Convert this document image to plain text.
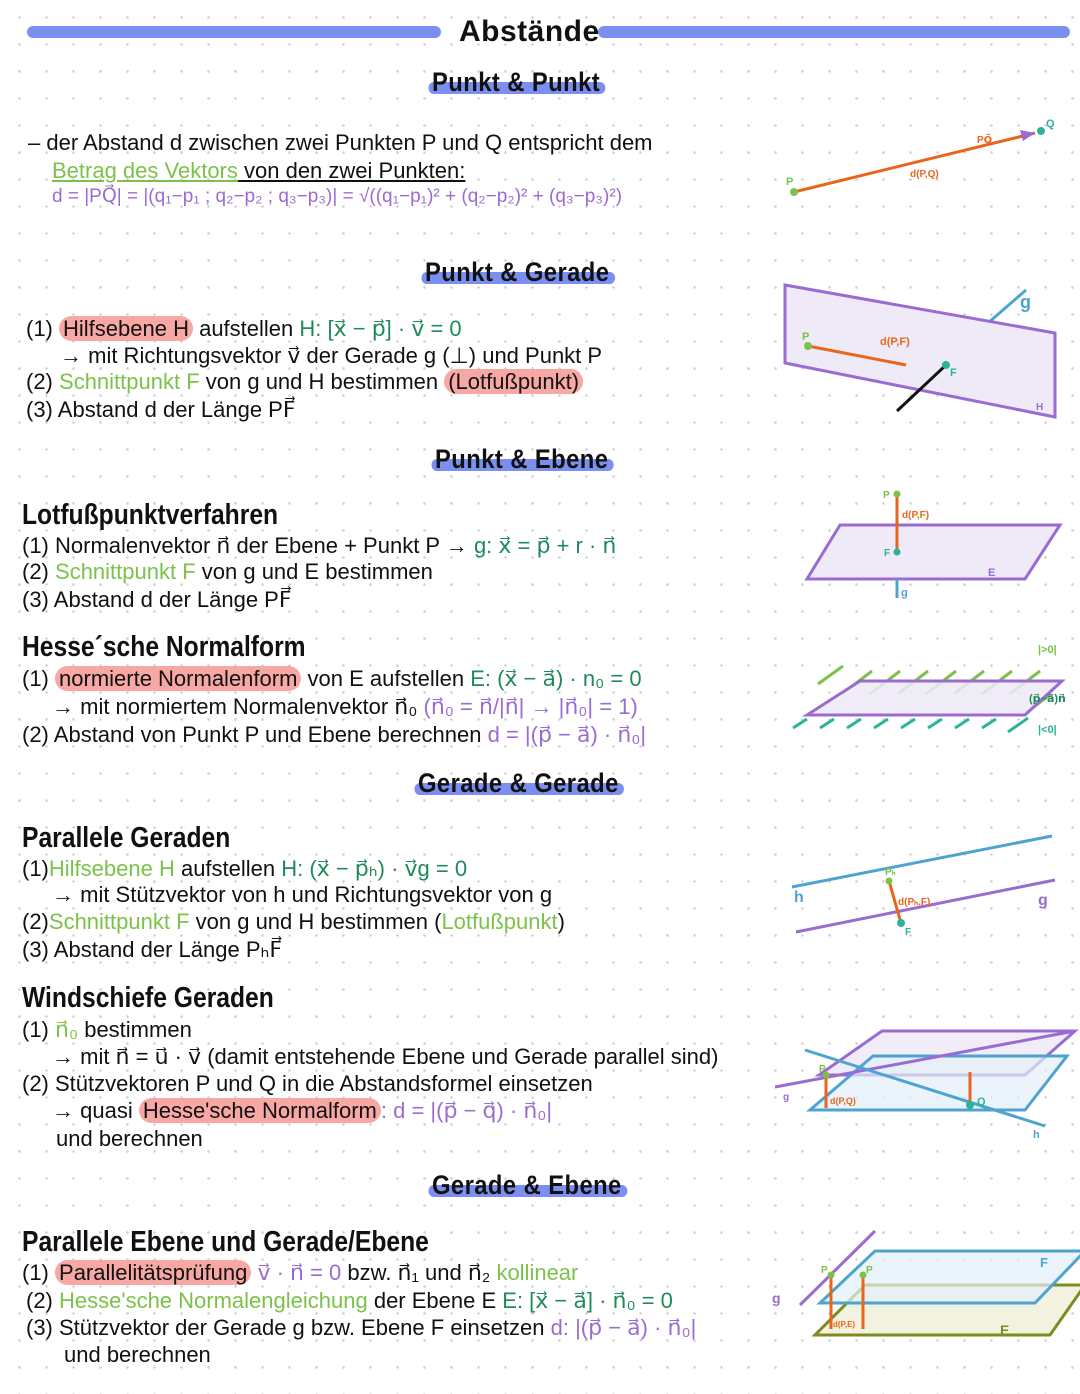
Abstände
Punkt & Punkt
– der Abstand d zwischen zwei Punkten P und Q entspricht dem
Betrag des Vektors von den zwei Punkten:
d = |PQ⃗| = |(q₁−p₁ ; q₂−p₂ ; q₃−p₃)| = √((q₁−p₁)² + (q₂−p₂)² + (q₃−p₃)²)
P
Q
PQ⃗
d(P,Q)
Punkt & Gerade
(1) Hilfsebene H aufstellen H: [x⃗ − p⃗] · v⃗ = 0
→ mit Richtungsvektor v⃗ der Gerade g (⊥) und Punkt P
(2) Schnittpunkt F von g und H bestimmen (Lotfußpunkt)
(3) Abstand d der Länge PF⃗
P
F
d(P,F)
g
H
Punkt & Ebene
Lotfußpunktverfahren
(1) Normalenvektor n⃗ der Ebene + Punkt P → g: x⃗ = p⃗ + r · n⃗
(2) Schnittpunkt F von g und E bestimmen
(3) Abstand d der Länge PF⃗
P
F
d(P,F)
E
g
Hesse´sche Normalform
(1) normierte Normalenform von E aufstellen E: (x⃗ − a⃗) · n₀ = 0
→ mit normiertem Normalenvektor n⃗₀ (n⃗₀ = n⃗/|n⃗| → |n⃗₀| = 1)
(2) Abstand von Punkt P und Ebene berechnen d = |(p⃗ − a⃗) · n⃗₀|
|>0|
(p⃗−a⃗)n⃗
|<0|
Gerade & Gerade
Parallele Geraden
(1)Hilfsebene H aufstellen H: (x⃗ − p⃗ₕ) · v⃗g = 0
→ mit Stützvektor von h und Richtungsvektor von g
(2)Schnittpunkt F von g und H bestimmen (Lotfußpunkt)
(3) Abstand der Länge PₕF⃗
Pₕ
F
d(Pₕ,F)
h	g
Windschiefe Geraden
(1) n⃗₀ bestimmen
→ mit n⃗ = u⃗ · v⃗ (damit entstehende Ebene und Gerade parallel sind)
(2) Stützvektoren P und Q in die Abstandsformel einsetzen
→ quasi Hesse'sche Normalform : d = |(p⃗ − q⃗) · n⃗₀|
und berechnen
P
Q
d(P,Q)
g
h
Gerade & Ebene
Parallele Ebene und Gerade/Ebene
(1) Parallelitätsprüfung v⃗ · n⃗ = 0 bzw. n⃗₁ und n⃗₂ kollinear
(2) Hesse'sche Normalengleichung der Ebene E E: [x⃗ − a⃗] · n⃗₀ = 0
(3) Stützvektor der Gerade g bzw. Ebene F einsetzen d: |(p⃗ − a⃗) · n⃗₀|
und berechnen
P	P
d(P,E)
F
E
g
